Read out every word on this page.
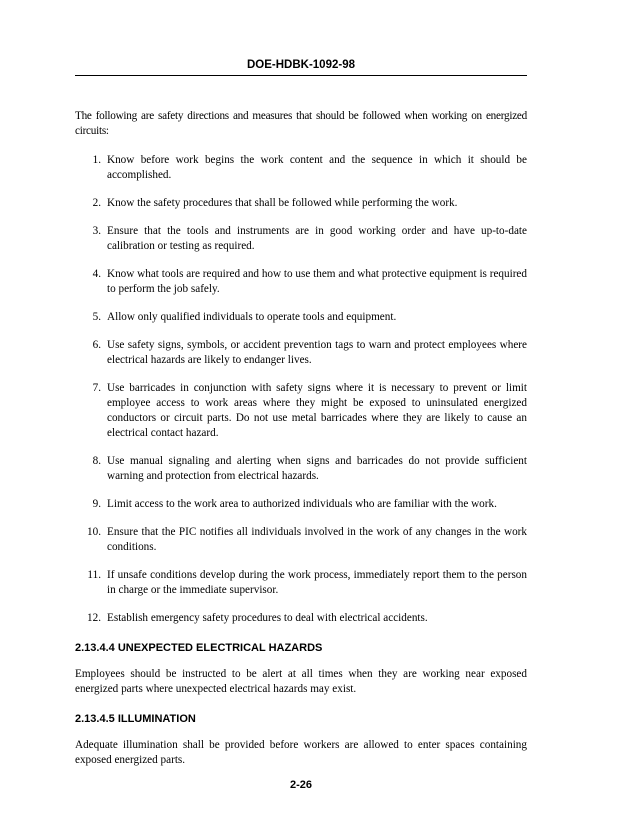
DOE-HDBK-1092-98

The following are safety directions and measures that should be followed when working on energized circuits:

1. Know before work begins the work content and the sequence in which it should be accomplished.
2. Know the safety procedures that shall be followed while performing the work.
3. Ensure that the tools and instruments are in good working order and have up-to-date calibration or testing as required.
4. Know what tools are required and how to use them and what protective equipment is required to perform the job safely.
5. Allow only qualified individuals to operate tools and equipment.
6. Use safety signs, symbols, or accident prevention tags to warn and protect employees where electrical hazards are likely to endanger lives.
7. Use barricades in conjunction with safety signs where it is necessary to prevent or limit employee access to work areas where they might be exposed to uninsulated energized conductors or circuit parts. Do not use metal barricades where they are likely to cause an electrical contact hazard.
8. Use manual signaling and alerting when signs and barricades do not provide sufficient warning and protection from electrical hazards.
9. Limit access to the work area to authorized individuals who are familiar with the work.
10. Ensure that the PIC notifies all individuals involved in the work of any changes in the work conditions.
11. If unsafe conditions develop during the work process, immediately report them to the person in charge or the immediate supervisor.
12. Establish emergency safety procedures to deal with electrical accidents.
2.13.4.4 UNEXPECTED ELECTRICAL HAZARDS

Employees should be instructed to be alert at all times when they are working near exposed energized parts where unexpected electrical hazards may exist.

2.13.4.5 ILLUMINATION

Adequate illumination shall be provided before workers are allowed to enter spaces containing exposed energized parts.

2-26
